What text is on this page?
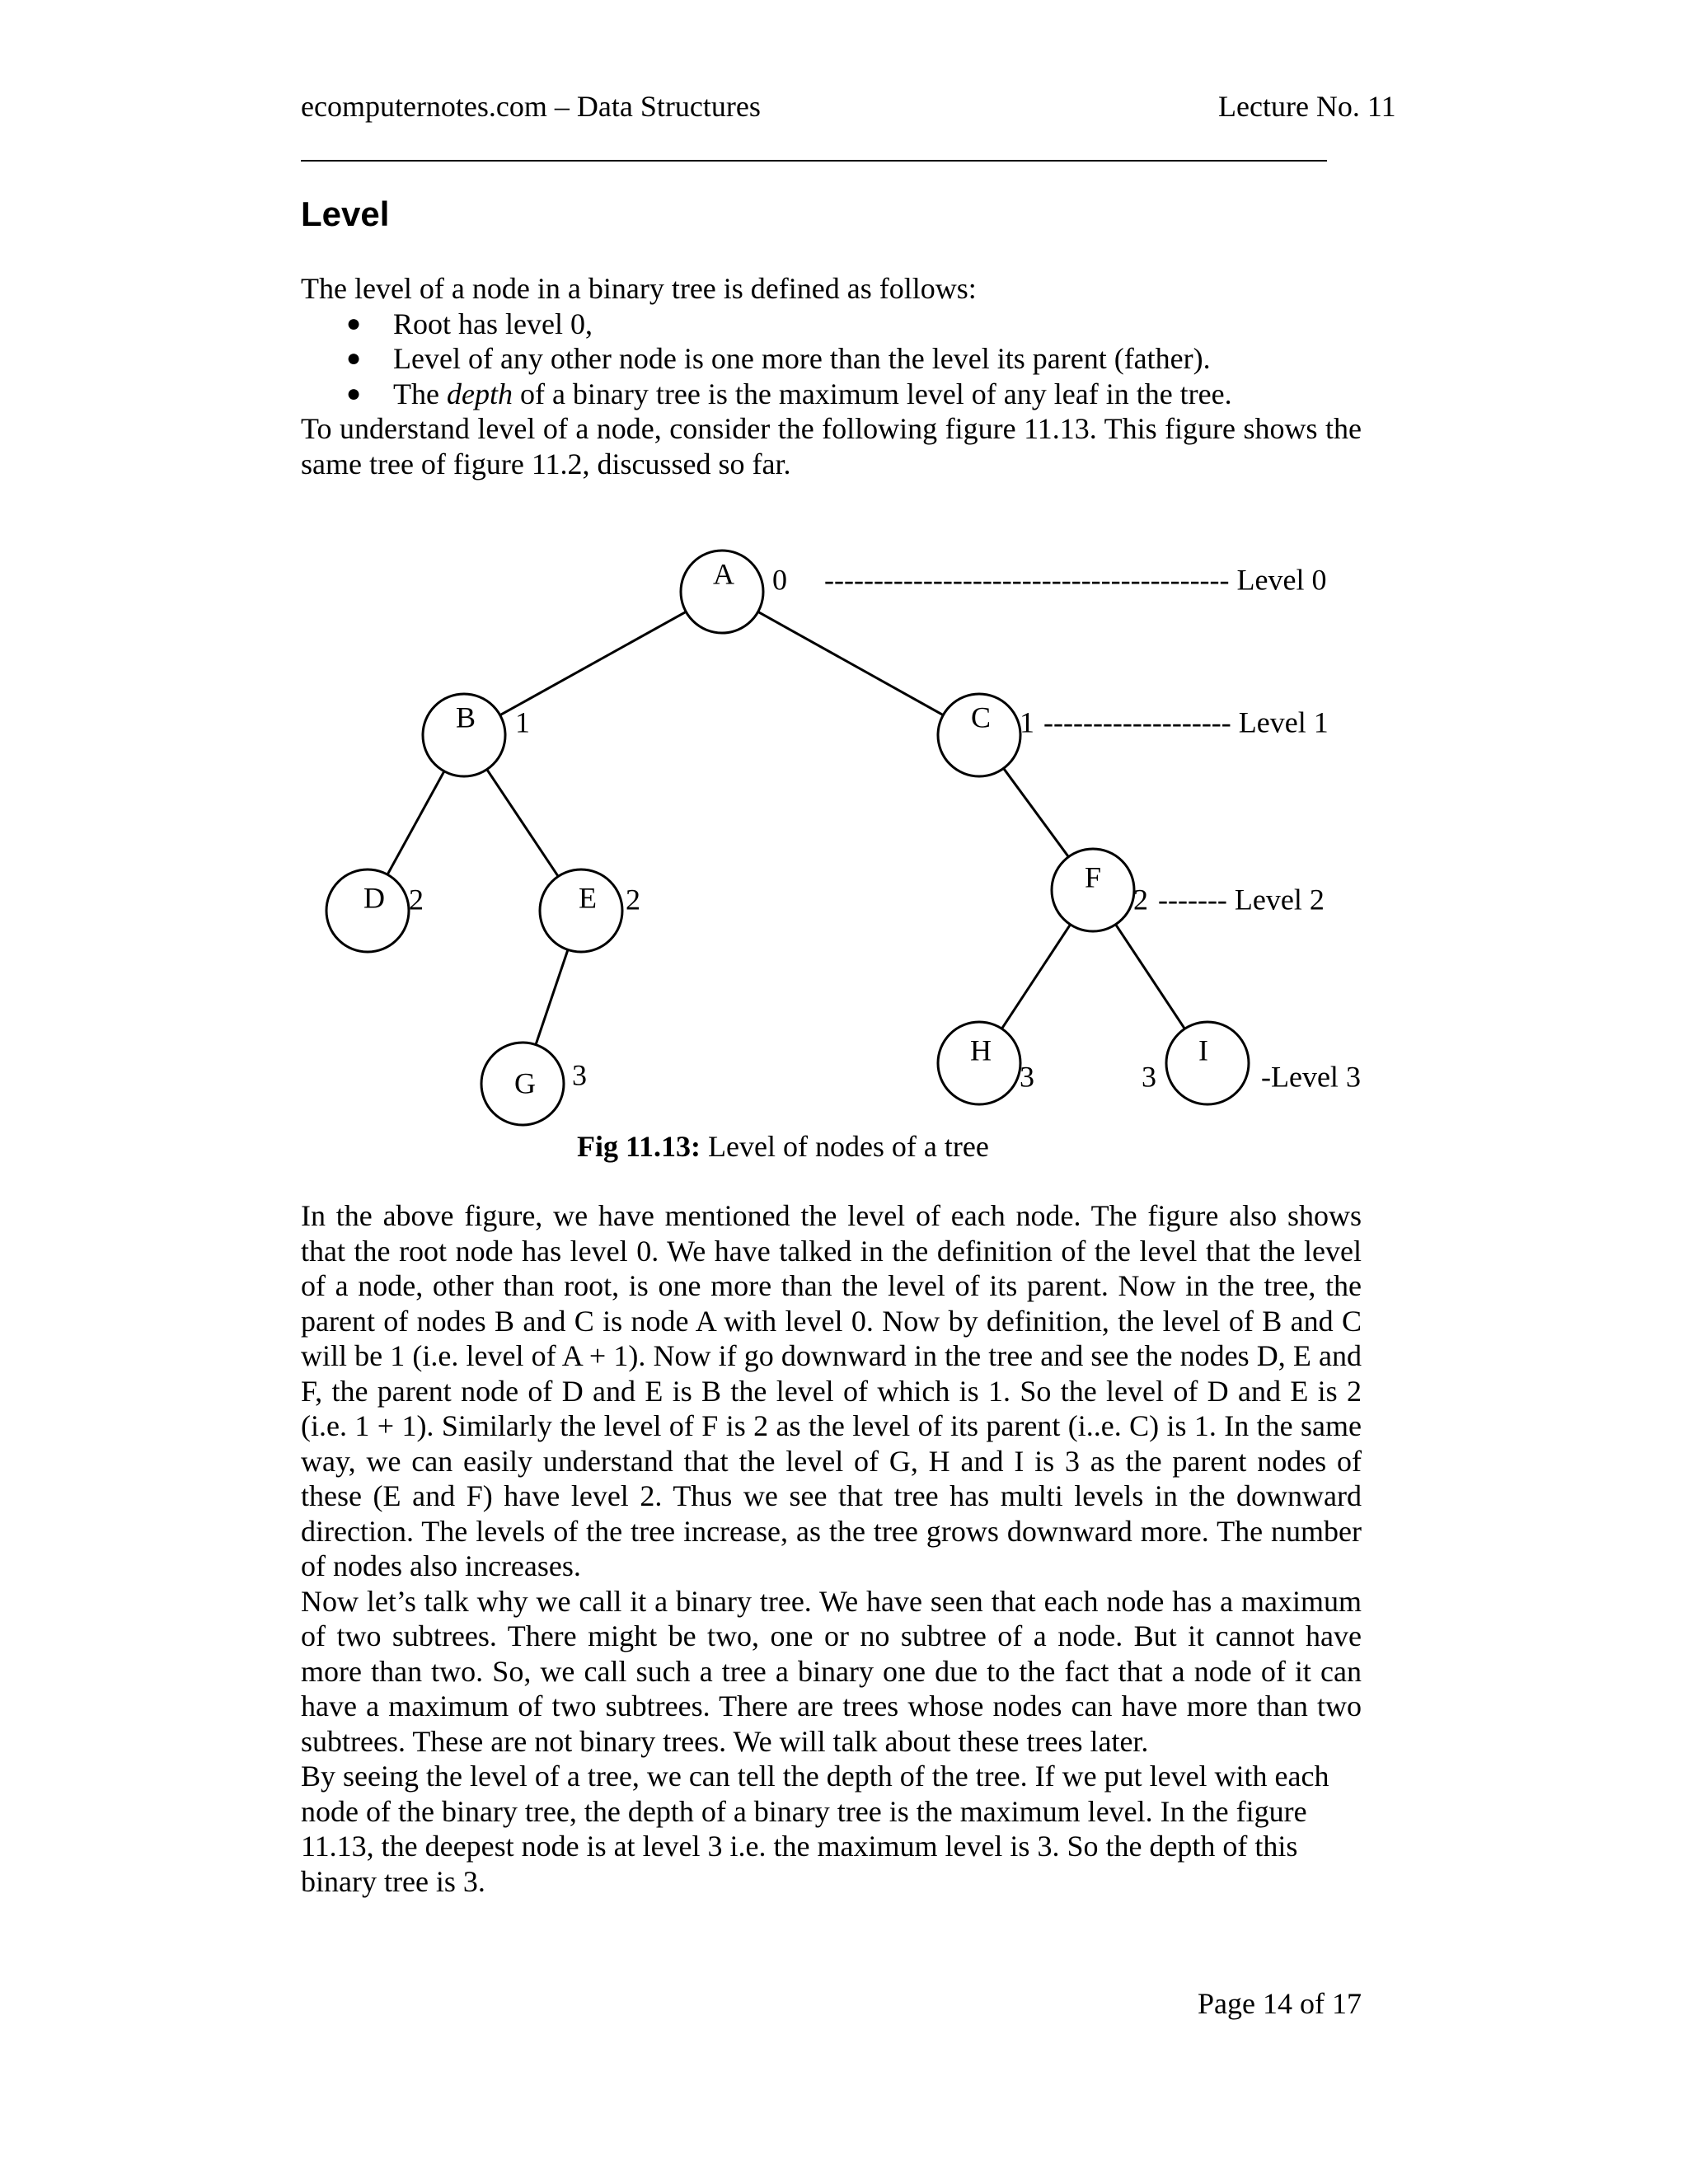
ecomputernotes.com – Data Structures	Lecture No. 11
Level

The level of a node in a binary tree is defined as follows:

● Root has level 0,

● Level of any other node is one more than the level its parent (father).

● The depth of a binary tree is the maximum level of any leaf in the tree.

To understand level of a node, consider the following figure 11.13. This figure shows the same tree of figure 11.2, discussed so far.

A 0
B 1	C 1
D 2	E 2
F
2
G 3
H
3
I
3
----------------------------------------- Level 0
------------------- Level 1
------- Level 2
-Level 3
Fig 11.13: Level of nodes of a tree

In the above figure, we have mentioned the level of each node. The figure also shows that the root node has level 0. We have talked in the definition of the level that the level of a node, other than root, is one more than the level of its parent. Now in the tree, the parent of nodes B and C is node A with level 0. Now by definition, the level of B and C will be 1 (i.e. level of A + 1). Now if go downward in the tree and see the nodes D, E and F, the parent node of D and E is B the level of which is 1. So the level of D and E is 2 (i.e. 1 + 1). Similarly the level of F is 2 as the level of its parent (i..e. C) is 1. In the same way, we can easily understand that the level of G, H and I is 3 as the parent nodes of these (E and F) have level 2. Thus we see that tree has multi levels in the downward direction. The levels of the tree increase, as the tree grows downward more. The number of nodes also increases.

Now let’s talk why we call it a binary tree. We have seen that each node has a maximum of two subtrees. There might be two, one or no subtree of a node. But it cannot have more than two. So, we call such a tree a binary one due to the fact that a node of it can have a maximum of two subtrees. There are trees whose nodes can have more than two subtrees. These are not binary trees. We will talk about these trees later.

By seeing the level of a tree, we can tell the depth of the tree. If we put level with each node of the binary tree, the depth of a binary tree is the maximum level. In the figure 11.13, the deepest node is at level 3 i.e. the maximum level is 3. So the depth of this binary tree is 3.

Page 14 of 17
